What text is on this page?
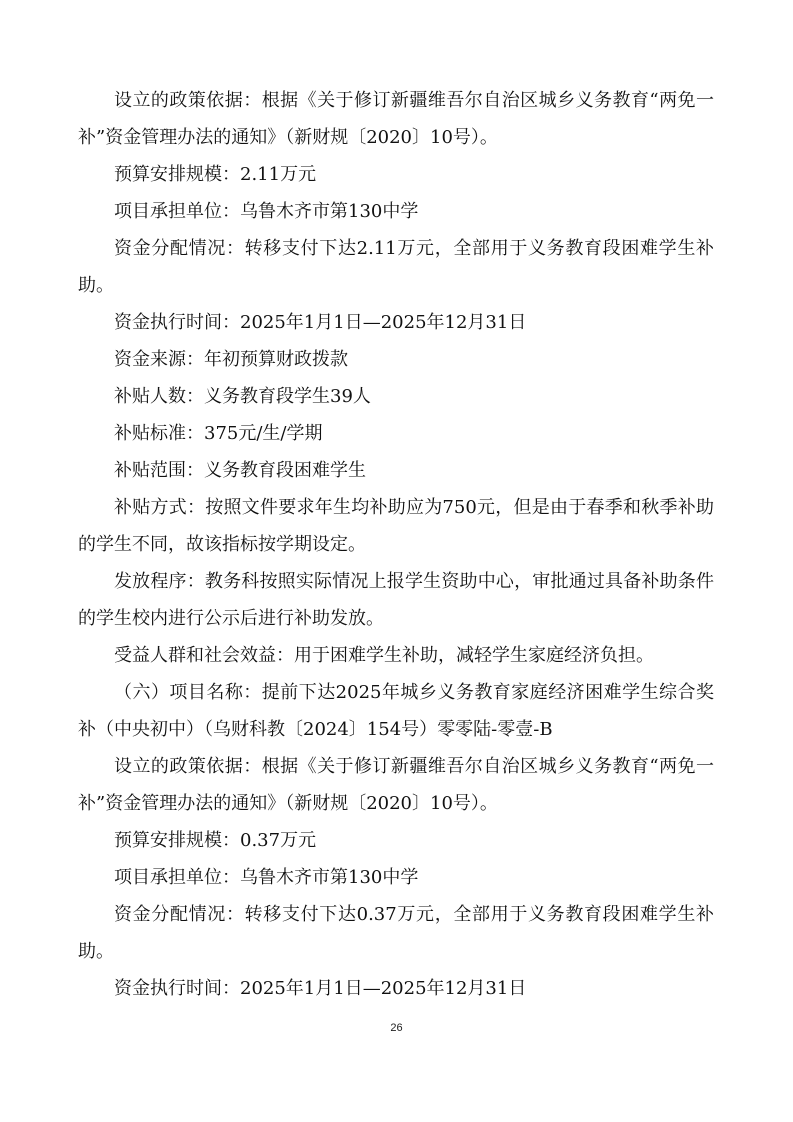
设立的政策依据：根据《关于修订新疆维吾尔自治区城乡义务教育“两免一补”资金管理办法的通知》（新财规〔2020〕10号）。

预算安排规模：2.11万元

项目承担单位：乌鲁木齐市第130中学

资金分配情况：转移支付下达2.11万元，全部用于义务教育段困难学生补助。

资金执行时间：2025年1月1日—2025年12月31日

资金来源：年初预算财政拨款

补贴人数：义务教育段学生39人

补贴标准：375元/生/学期

补贴范围：义务教育段困难学生

补贴方式：按照文件要求年生均补助应为750元，但是由于春季和秋季补助的学生不同，故该指标按学期设定。

发放程序：教务科按照实际情况上报学生资助中心，审批通过具备补助条件的学生校内进行公示后进行补助发放。

受益人群和社会效益：用于困难学生补助，减轻学生家庭经济负担。

（六）项目名称：提前下达2025年城乡义务教育家庭经济困难学生综合奖补（中央初中）（乌财科教〔2024〕154号）零零陆-零壹-B

设立的政策依据：根据《关于修订新疆维吾尔自治区城乡义务教育“两免一补”资金管理办法的通知》（新财规〔2020〕10号）。

预算安排规模：0.37万元

项目承担单位：乌鲁木齐市第130中学

资金分配情况：转移支付下达0.37万元，全部用于义务教育段困难学生补助。

资金执行时间：2025年1月1日—2025年12月31日

26
